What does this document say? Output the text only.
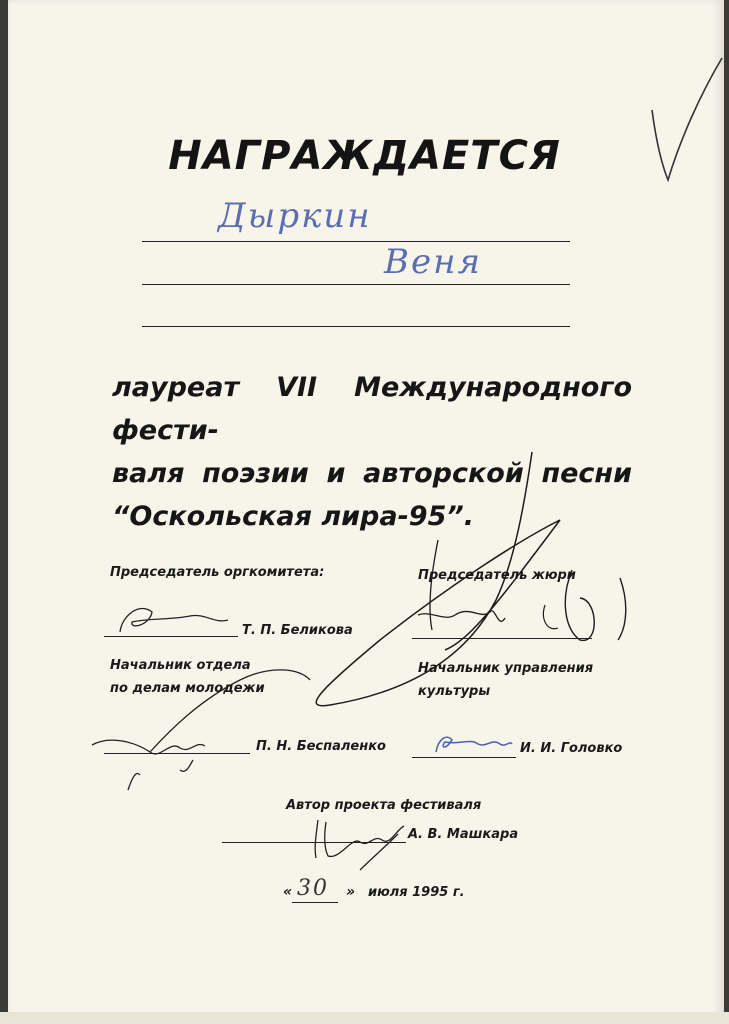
НАГРАЖДАЕТСЯ
Дыркин
Веня
лауреат VII Международного фести-
валя поэзии и авторской песни
“Оскольская лира-95”.
Председатель оргкомитета:	Председатель жюри
Т. П. Беликова
Начальник отдела
по делам молодежи
Начальник управления
культуры
П. Н. Беспаленко	И. И. Головко
Автор проекта фестиваля
А. В. Машкара
« 30 » июля 1995 г.
